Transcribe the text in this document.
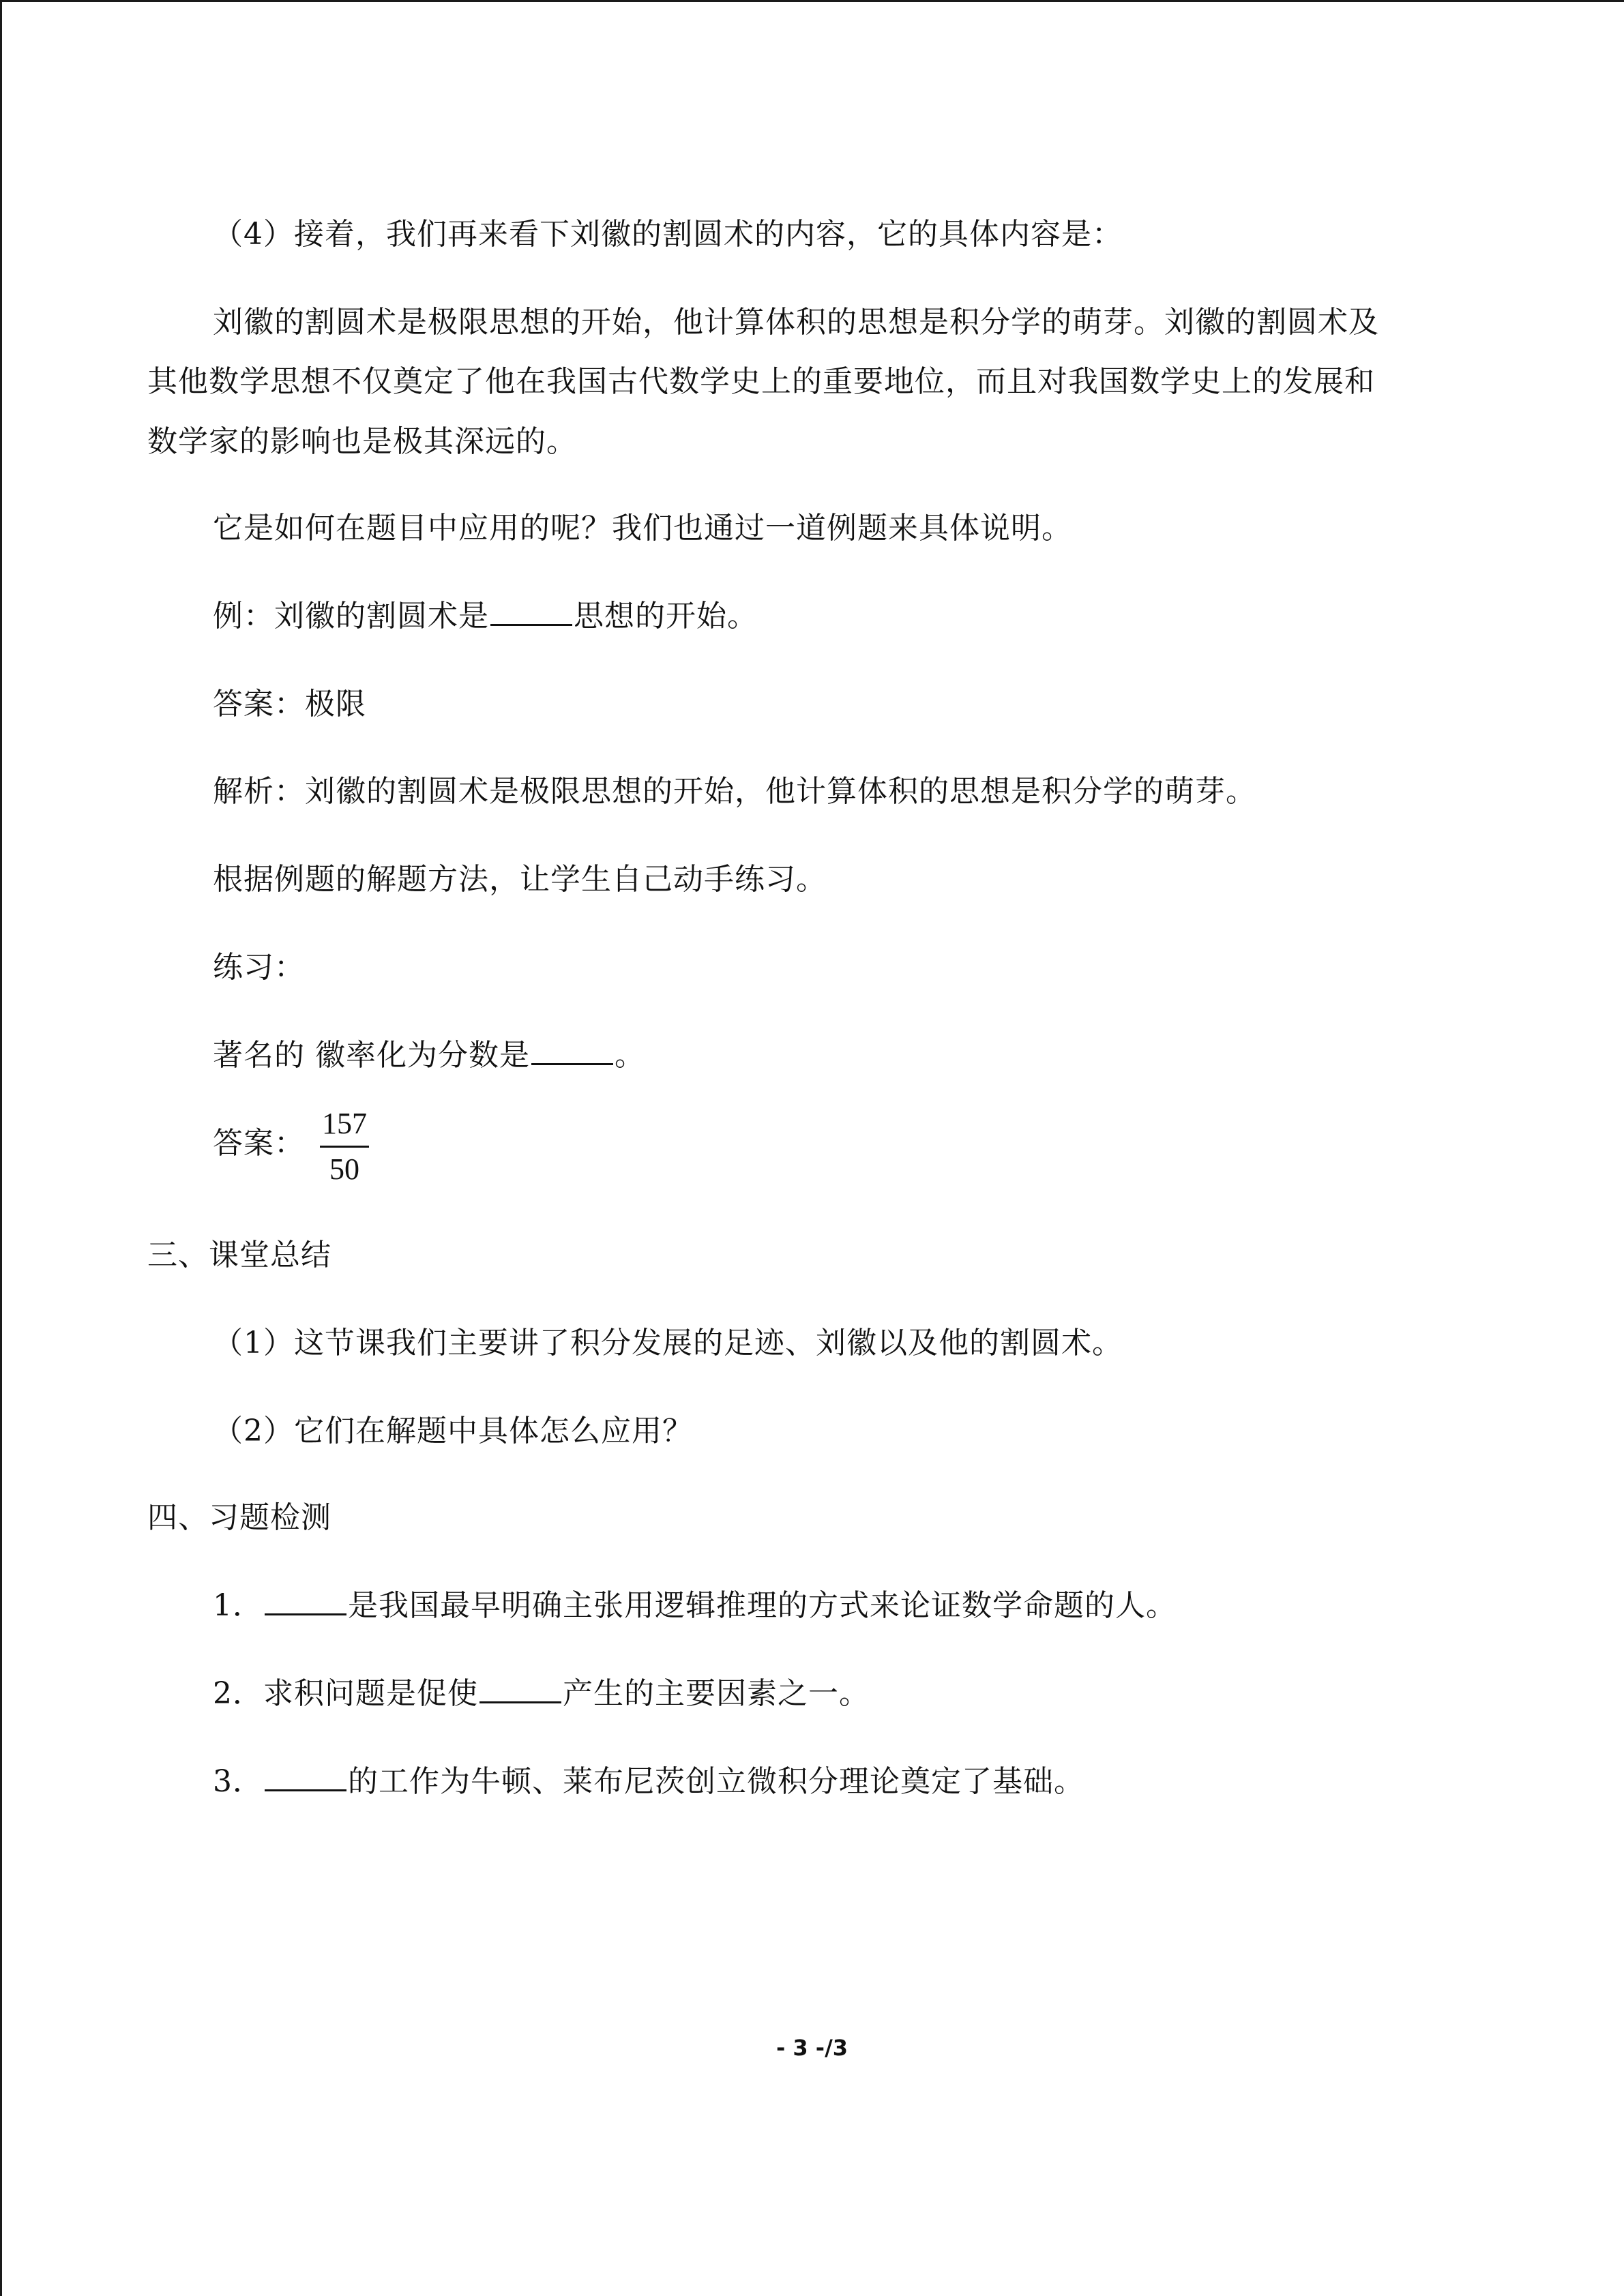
（4）接着，我们再来看下刘徽的割圆术的内容，它的具体内容是：
刘徽的割圆术是极限思想的开始，他计算体积的思想是积分学的萌芽。刘徽的割圆术及
其他数学思想不仅奠定了他在我国古代数学史上的重要地位，而且对我国数学史上的发展和
数学家的影响也是极其深远的。
它是如何在题目中应用的呢？我们也通过一道例题来具体说明。
例：刘徽的割圆术是	思想的开始。
答案：极限
解析：刘徽的割圆术是极限思想的开始，他计算体积的思想是积分学的萌芽。
根据例题的解题方法，让学生自己动手练习。
练习：
著名的 徽率化为分数是	。
答案：
157
50
三、课堂总结
（1）这节课我们主要讲了积分发展的足迹、刘徽以及他的割圆术。
（2）它们在解题中具体怎么应用？
四、习题检测
1．	是我国最早明确主张用逻辑推理的方式来论证数学命题的人。
2．求积问题是促使	产生的主要因素之一。
3．	的工作为牛顿、莱布尼茨创立微积分理论奠定了基础。
- 3 -/3
